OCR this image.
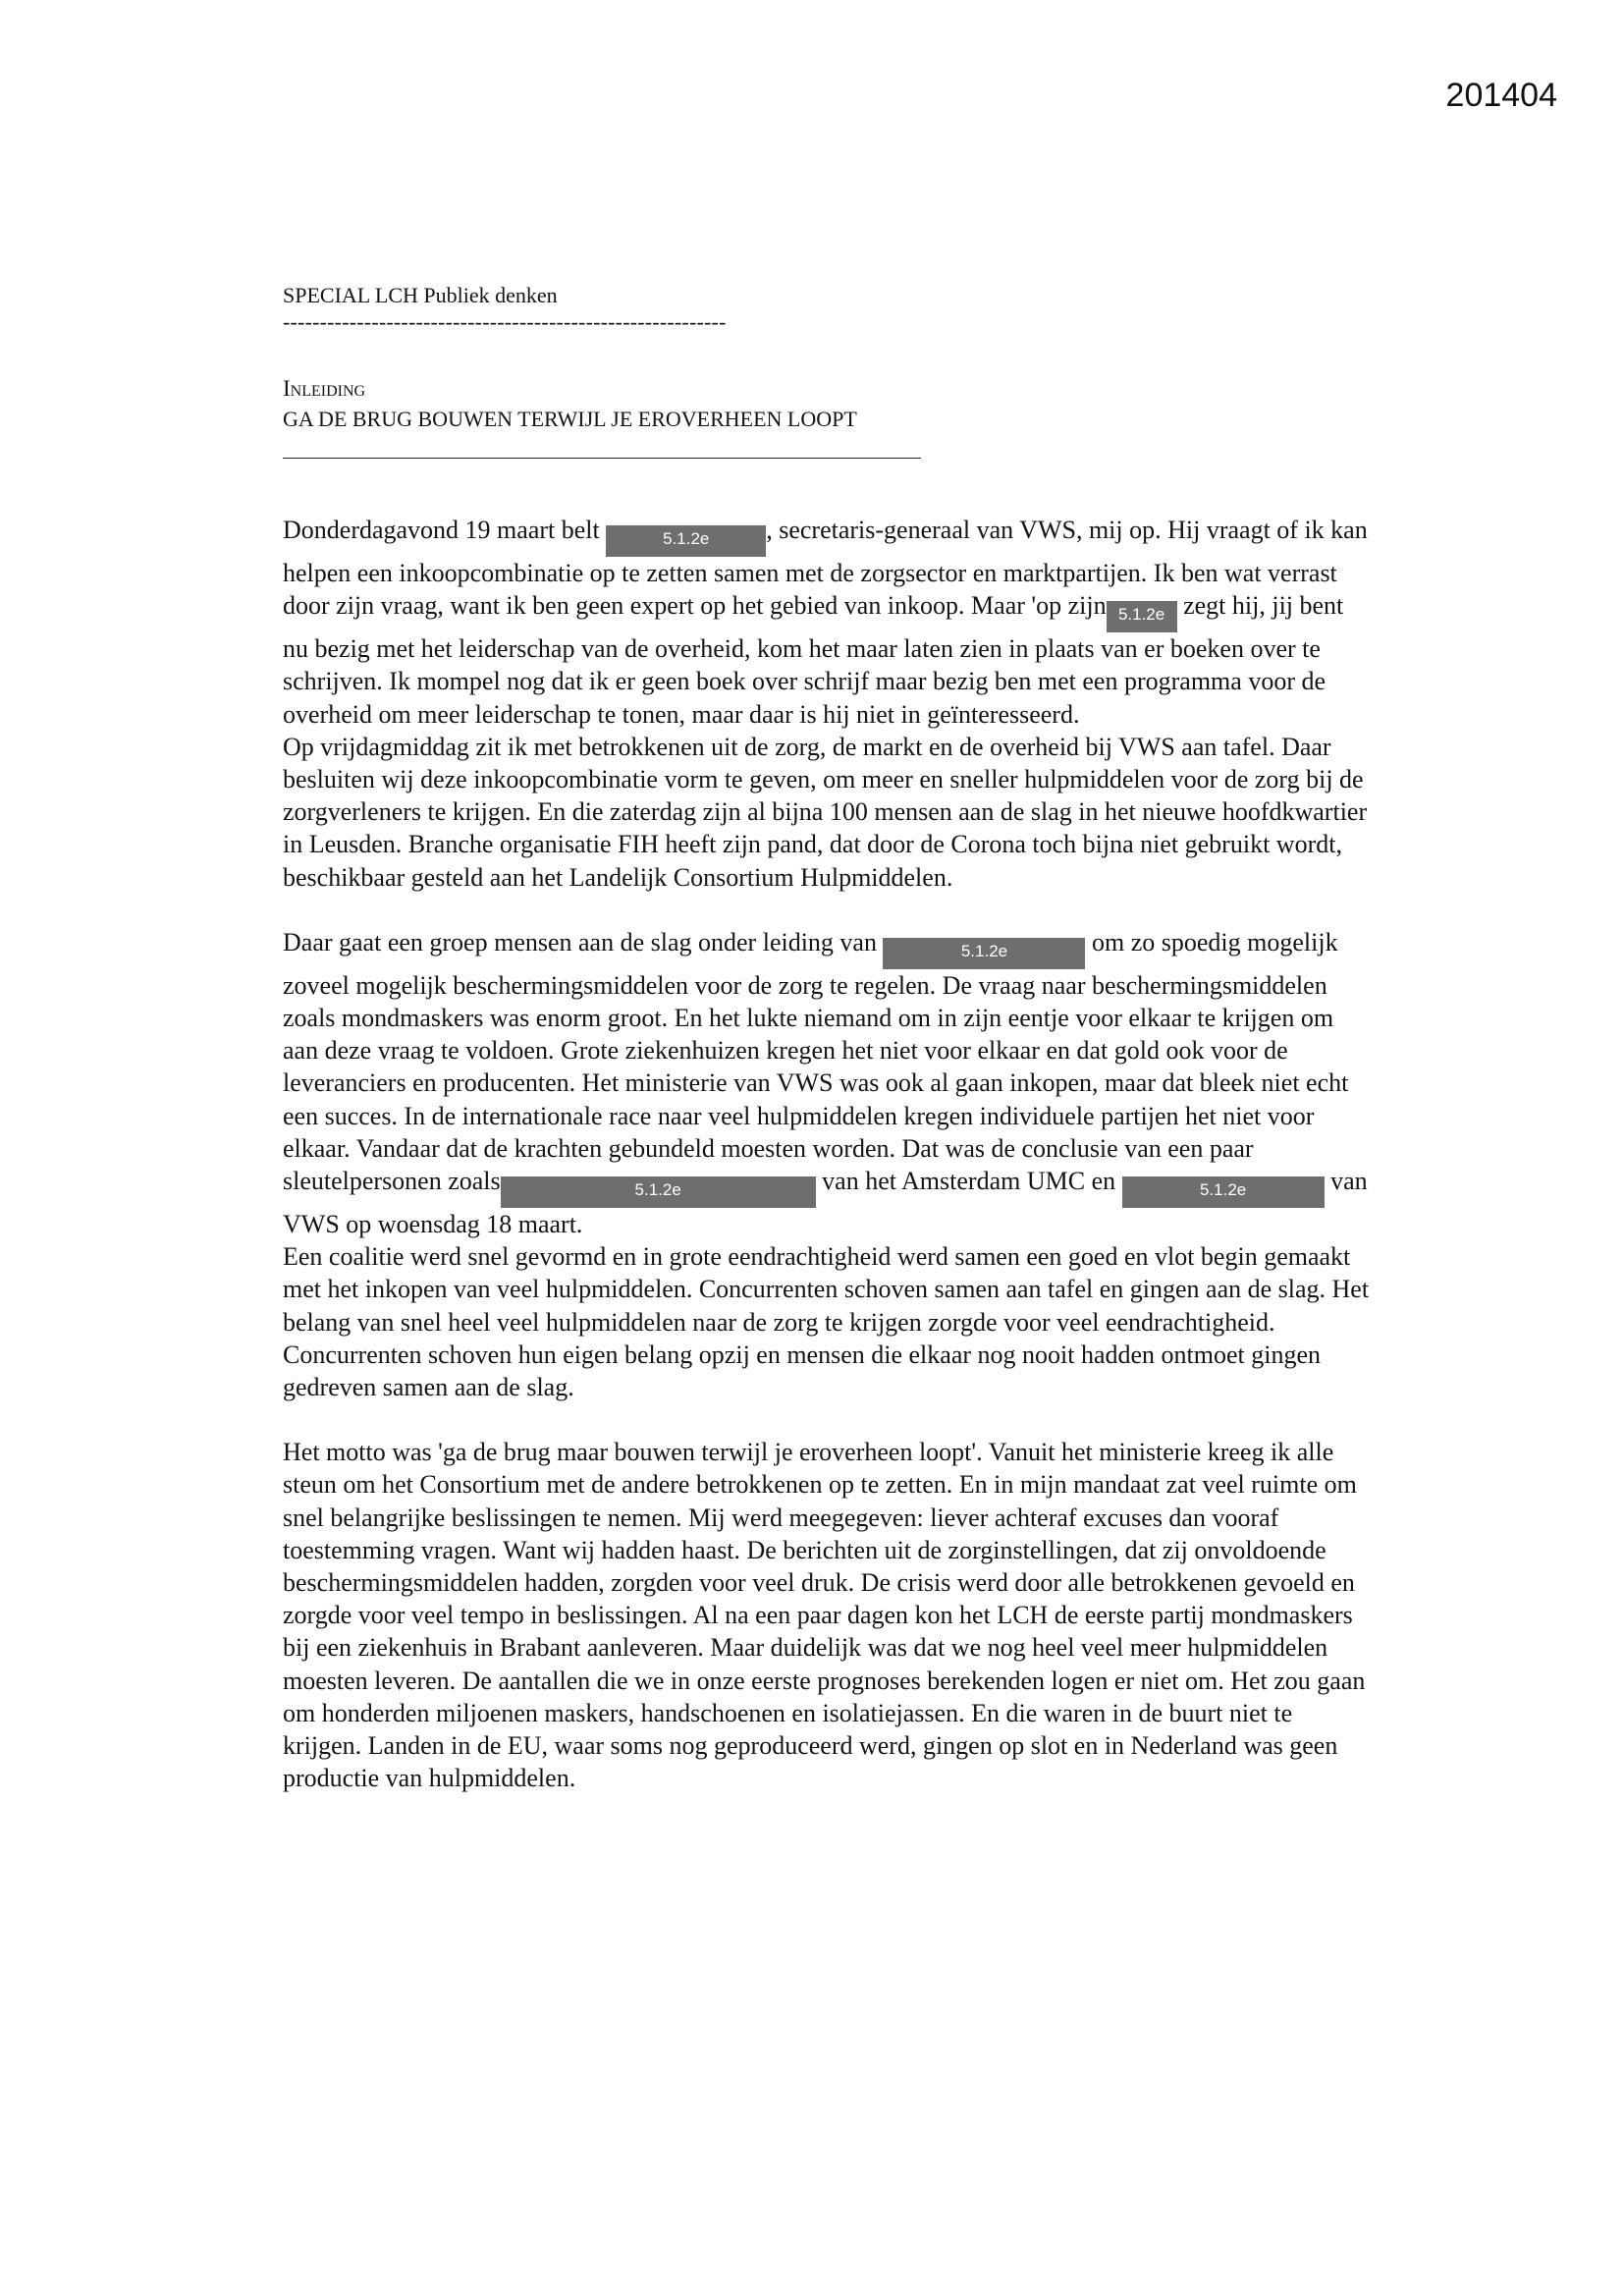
201404

SPECIAL LCH Publiek denken

------------------------------------------------------------

Inleiding

GA DE BRUG BOUWEN TERWIJL JE EROVERHEEN LOOPT

Donderdagavond 19 maart belt	5.1.2e , secretaris-generaal van VWS, mij op. Hij vraagt of ik kan helpen een inkoopcombinatie op te zetten samen met de zorgsector en marktpartijen. Ik ben wat verrast door zijn vraag, want ik ben geen expert op het gebied van inkoop. Maar 'op zijn 5.1.2e zegt hij, jij bent nu bezig met het leiderschap van de overheid, kom het maar laten zien in plaats van er boeken over te schrijven. Ik mompel nog dat ik er geen boek over schrijf maar bezig ben met een programma voor de overheid om meer leiderschap te tonen, maar daar is hij niet in geïnteresseerd.

Op vrijdagmiddag zit ik met betrokkenen uit de zorg, de markt en de overheid bij VWS aan tafel. Daar besluiten wij deze inkoopcombinatie vorm te geven, om meer en sneller hulpmiddelen voor de zorg bij de zorgverleners te krijgen. En die zaterdag zijn al bijna 100 mensen aan de slag in het nieuwe hoofdkwartier in Leusden. Branche organisatie FIH heeft zijn pand, dat door de Corona toch bijna niet gebruikt wordt, beschikbaar gesteld aan het Landelijk Consortium Hulpmiddelen.

Daar gaat een groep mensen aan de slag onder leiding van	5.1.2e	om zo spoedig mogelijk zoveel mogelijk beschermingsmiddelen voor de zorg te regelen. De vraag naar beschermingsmiddelen zoals mondmaskers was enorm groot. En het lukte niemand om in zijn eentje voor elkaar te krijgen om aan deze vraag te voldoen. Grote ziekenhuizen kregen het niet voor elkaar en dat gold ook voor de leveranciers en producenten. Het ministerie van VWS was ook al gaan inkopen, maar dat bleek niet echt een succes. In de internationale race naar veel hulpmiddelen kregen individuele partijen het niet voor elkaar. Vandaar dat de krachten gebundeld moesten worden. Dat was de conclusie van een paar sleutelpersonen zoals	5.1.2e	van het Amsterdam UMC en	5.1.2e	van VWS op woensdag 18 maart.

Een coalitie werd snel gevormd en in grote eendrachtigheid werd samen een goed en vlot begin gemaakt met het inkopen van veel hulpmiddelen. Concurrenten schoven samen aan tafel en gingen aan de slag. Het belang van snel heel veel hulpmiddelen naar de zorg te krijgen zorgde voor veel eendrachtigheid. Concurrenten schoven hun eigen belang opzij en mensen die elkaar nog nooit hadden ontmoet gingen gedreven samen aan de slag.

Het motto was 'ga de brug maar bouwen terwijl je eroverheen loopt'. Vanuit het ministerie kreeg ik alle steun om het Consortium met de andere betrokkenen op te zetten. En in mijn mandaat zat veel ruimte om snel belangrijke beslissingen te nemen. Mij werd meegegeven: liever achteraf excuses dan vooraf toestemming vragen. Want wij hadden haast. De berichten uit de zorginstellingen, dat zij onvoldoende beschermingsmiddelen hadden, zorgden voor veel druk. De crisis werd door alle betrokkenen gevoeld en zorgde voor veel tempo in beslissingen. Al na een paar dagen kon het LCH de eerste partij mondmaskers bij een ziekenhuis in Brabant aanleveren. Maar duidelijk was dat we nog heel veel meer hulpmiddelen moesten leveren. De aantallen die we in onze eerste prognoses berekenden logen er niet om. Het zou gaan om honderden miljoenen maskers, handschoenen en isolatiejassen. En die waren in de buurt niet te krijgen. Landen in de EU, waar soms nog geproduceerd werd, gingen op slot en in Nederland was geen productie van hulpmiddelen.
